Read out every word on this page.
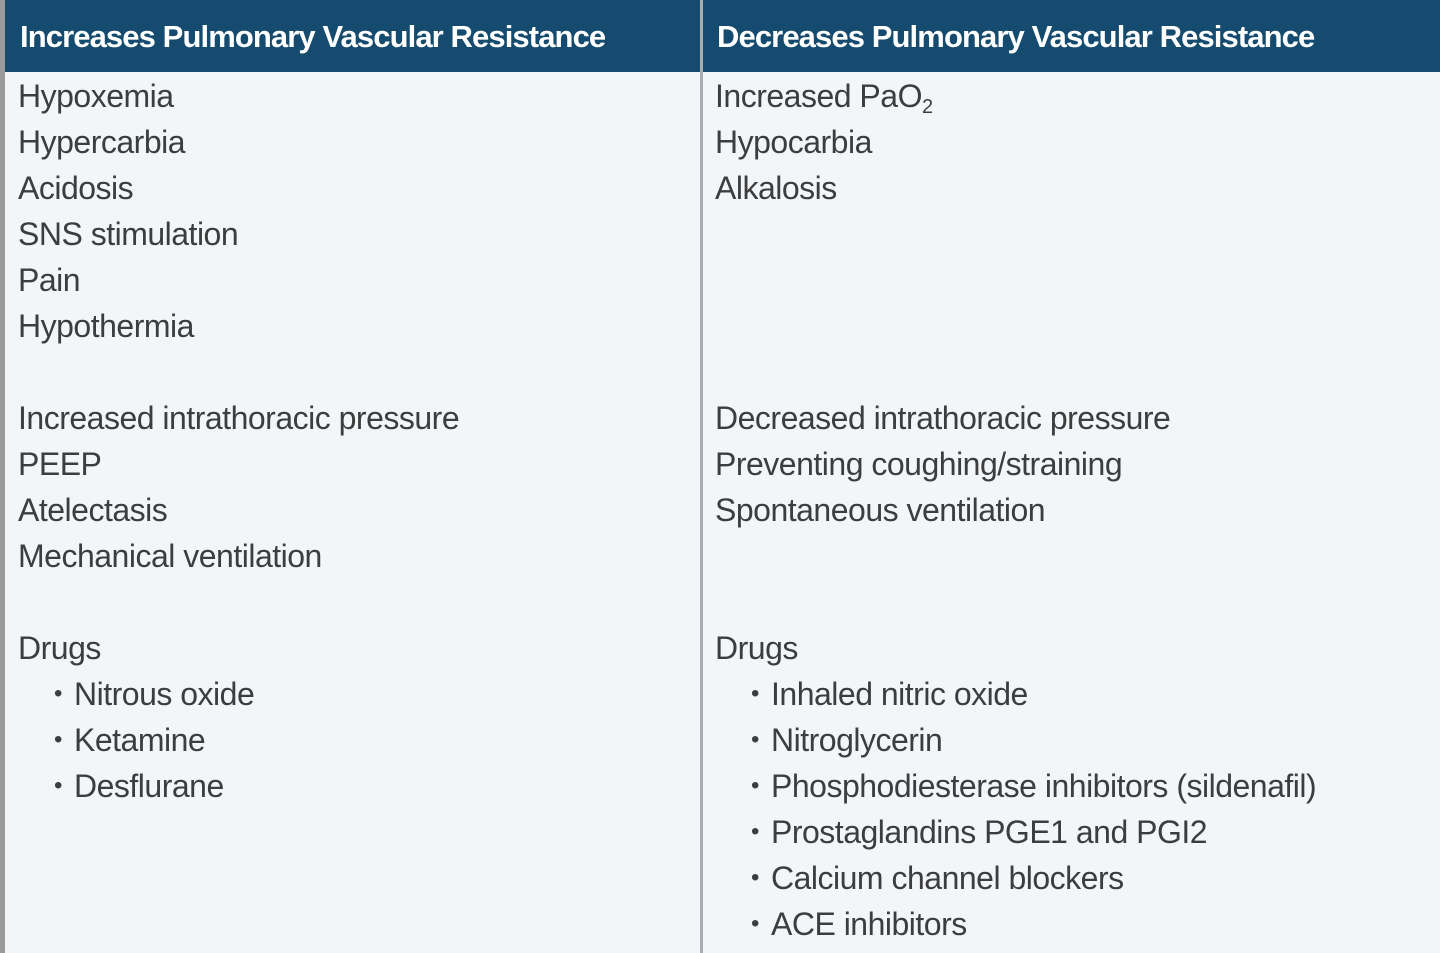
Increases Pulmonary Vascular Resistance	Decreases Pulmonary Vascular Resistance
Hypoxemia
Hypercarbia
Acidosis
SNS stimulation
Pain
Hypothermia
Increased intrathoracic pressure
PEEP
Atelectasis
Mechanical ventilation
Drugs
• Nitrous oxide
• Ketamine
• Desflurane
Increased PaO$_2$
Hypocarbia
Alkalosis
Decreased intrathoracic pressure
Preventing coughing/straining
Spontaneous ventilation
Drugs
• Inhaled nitric oxide
• Nitroglycerin
• Phosphodiesterase inhibitors (sildenafil)
• Prostaglandins PGE1 and PGI2
• Calcium channel blockers
• ACE inhibitors
